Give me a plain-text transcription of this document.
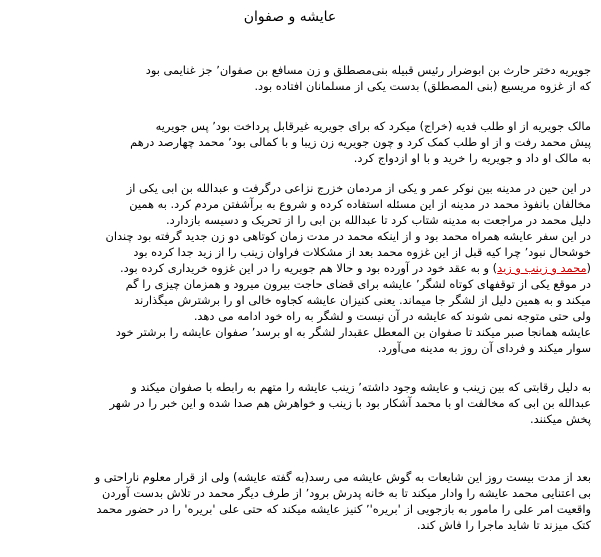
عایشه و صفوان
جویریه دختر حارث بن ابوضرار رئیس قبیله بنی‌مصطلق و زن مسافع بن صفوان٬ جز غنایمی بود
که از غزوه مریسیع (بنی المصطلق) بدست یکی از مسلمانان افتاده بود.
مالک جویریه از او طلب فدیه (خراج) میکرد که برای جویریه غیرقابل پرداخت بود٬ پس جویریه
پیش محمد رفت و از او طلب کمک کرد و چون جویریه زن زیبا و با کمالی بود٬ محمد چهارصد درهم
به مالک او داد و جویریه را خرید و با او ازدواج کرد.
در این حین در مدینه بین نوکر عمر و یکی از مردمان خزرج نزاعی درگرفت و عبدالله بن ابی یکی از
مخالفان بانفوذ محمد در مدینه از این مسئله استفاده کرده و شروع به برآشفتن مردم کرد. به همین
دلیل محمد در مراجعت به مدینه شتاب کرد تا عبدالله بن ابی را از تحریک و دسیسه بازدارد.
در این سفر عایشه همراه محمد بود و از اینکه محمد در مدت زمان کوتاهی دو زن جدید گرفته بود چندان
خوشحال نبود٬ چرا کیه قبل از این غزوه محمد بعد از مشکلات فراوان زینب را از زید جدا کرده بود
(محمد و زینب و زید) و به عقد خود در آورده بود و حالا هم جویریه را در این غزوه خریداری کرده بود.
در موقع یکی از توقفهای کوتاه لشگر٬ عایشه برای قضای حاجت بیرون میرود و همزمان چیزی را گم
میکند و به همین دلیل از لشگر جا میماند. یعنی کنیزان عایشه کجاوه خالی او را برشترش میگذارند
ولی حتی متوجه نمی شوند که عایشه در آن نیست و لشگر به راه خود ادامه می دهد.
عایشه همانجا صبر میکند تا صفوان بن المعطل عقبدار لشگر به او برسد٬ صفوان عایشه را برشتر خود
سوار میکند و فردای آن روز به مدینه می‌آورد.
به دلیل رقابتی که بین زینب و عایشه وجود داشته٬ زینب عایشه را متهم به رابطه با صفوان میکند و
عبدالله بن ابی که مخالفت او با محمد آشکار بود با زینب و خواهرش هم صدا شده و این خبر را در شهر
پخش میکنند.
بعد از مدت بیست روز این شایعات به گوش عایشه می رسد(به گفته عایشه) ولی از قرار معلوم ناراحتی و
بی اعتنایی محمد عایشه را وادار میکند تا به خانه پدرش برود٬ از طرف دیگر محمد در تلاش بدست آوردن
واقعیت امر علی را مامور به بازجویی از 'بریره'٬ کنیز عایشه میکند که حتی علی 'بریره' را در حضور محمد
کتک میزند تا شاید ماجرا را فاش کند.
